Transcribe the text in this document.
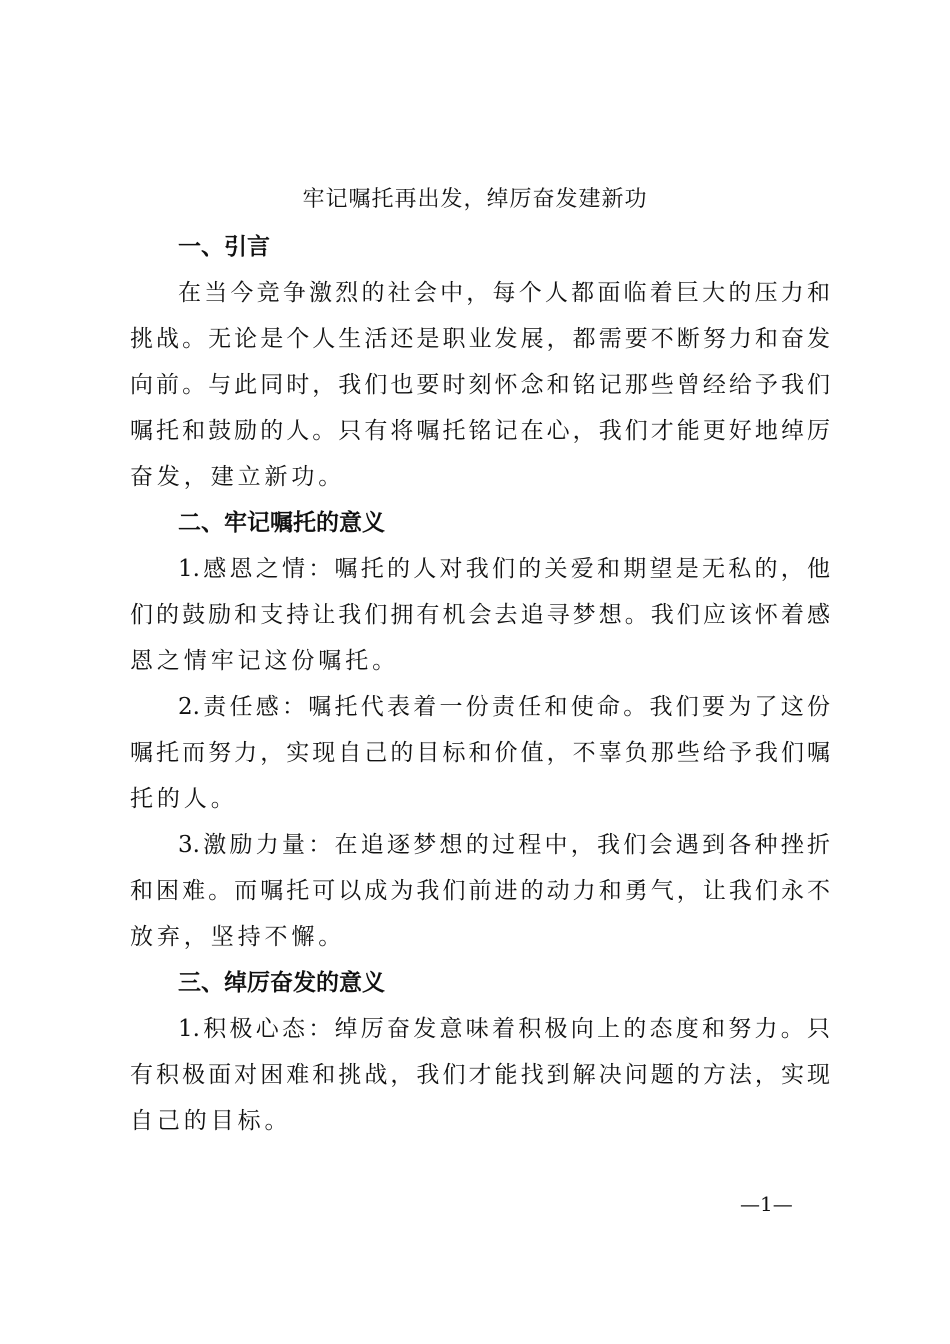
牢记嘱托再出发，绰厉奋发建新功
一、引言
在当今竞争激烈的社会中，每个人都面临着巨大的压力和
挑战。无论是个人生活还是职业发展，都需要不断努力和奋发
向前。与此同时，我们也要时刻怀念和铭记那些曾经给予我们
嘱托和鼓励的人。只有将嘱托铭记在心，我们才能更好地绰厉
奋发，建立新功。
二、牢记嘱托的意义
1.感恩之情：嘱托的人对我们的关爱和期望是无私的，他
们的鼓励和支持让我们拥有机会去追寻梦想。我们应该怀着感
恩之情牢记这份嘱托。
2.责任感：嘱托代表着一份责任和使命。我们要为了这份
嘱托而努力，实现自己的目标和价值，不辜负那些给予我们嘱
托的人。
3.激励力量：在追逐梦想的过程中，我们会遇到各种挫折
和困难。而嘱托可以成为我们前进的动力和勇气，让我们永不
放弃，坚持不懈。
三、绰厉奋发的意义
1.积极心态：绰厉奋发意味着积极向上的态度和努力。只
有积极面对困难和挑战，我们才能找到解决问题的方法，实现
自己的目标。
—1—
